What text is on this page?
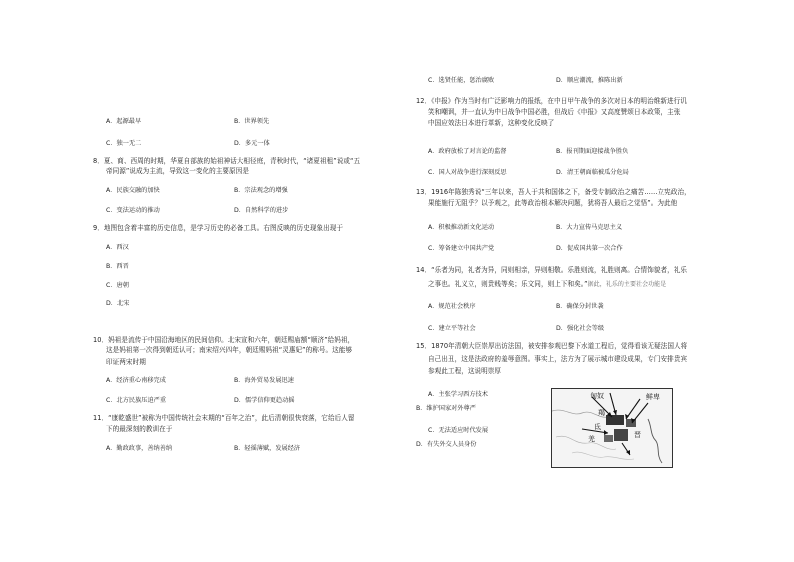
A．起源最早	B．世界领先
C．独一无二	D．多元一体
8．夏、商、西周的时期，华夏自部族的始祖神话大相径庭，青秋时代，“诸夏祖租”说或“五
帝同源”说成为主流，导致这一变化的主要原因是
A．民族交融的加快	B．宗法观念的增强
C．变法运动的推动	D．自然科学的进步
9．地图包含着丰富的历史信息，是学习历史的必备工具。右图反映的历史现象出现于
A．西汉
B．西晋
C．唐朝
D．北宋
10．妈祖是流传于中国沿海地区的民间信仰。北宋宣和六年，朝廷赐庙额“顺济”给妈祖，
这是妈祖第一次得到朝廷认可；南宋绍兴四年，朝廷赐妈祖“灵惠妃”的称号。这能够
印证两宋时期
A．经济重心南移完成	B．海外贸易发展迅速
C．北方民族压迫严重	D．儒学信仰更趋动摇
11．“康乾盛世”被称为中国传统社会末期的“百年之治”，此后清朝很快衰落，它给后人留
下的最深刻的教训在于
A．勤政政事，善纳善纳	B．轻徭薄赋，发展经济
C．选贤任能，惩治腐败	D．顺应潮流，推陈出新
12．《申报》作为当时有广泛影响力的报纸，在中日甲午战争的多次对日本的明治维新进行讥
笑和嘲讽，并一直认为中日战争中国必胜，但战后《申报》又高度赞颂日本政策，主张
中国应效法日本进行革新，这种变化反映了
A．政府放松了对言论的监督	B．报刊期面迎接战争胜负
C．国人对战争进行深刻反思	D．清王朝面临被瓜分危局
13．1916年陈独秀说“三年以来，吾人于共和国体之下，备受专制政治之痛苦……立宪政治，
果能施行无阻乎？以予观之，此等政治根本解决问题，犹将吾人最后之觉悟”。为此他
A．积极推动新文化运动	B．大力宣传马克思主义
C．筹备建立中国共产党	D．促成国共第一次合作
14．“乐者为同，礼者为异，同则相亲，异则相敬。乐胜则流，礼胜则离。合情饰貌者，礼乐
之事也。礼义立，则贵贱等矣；乐文同，则上下和矣。”据此，礼乐的主要社会功能是
A．规范社会秩序	B．确保分封世袭
C．建立平等社会	D．强化社会等级
15．1870年清朝大臣崇厚出访法国，被安排参观巴黎下水道工程后，觉得看该无疑法国人将
自己出丑，这是法政府的羞辱意图。事实上，法方为了展示城市建设成果，专门安排贵宾
参观此工程，这说明崇厚
A．主张学习西方技术
B．维护国家对外尊严
C．无法适应时代发展
D．有失外交人员身份
匈奴	鲜卑
羯
氐
羌	晋
